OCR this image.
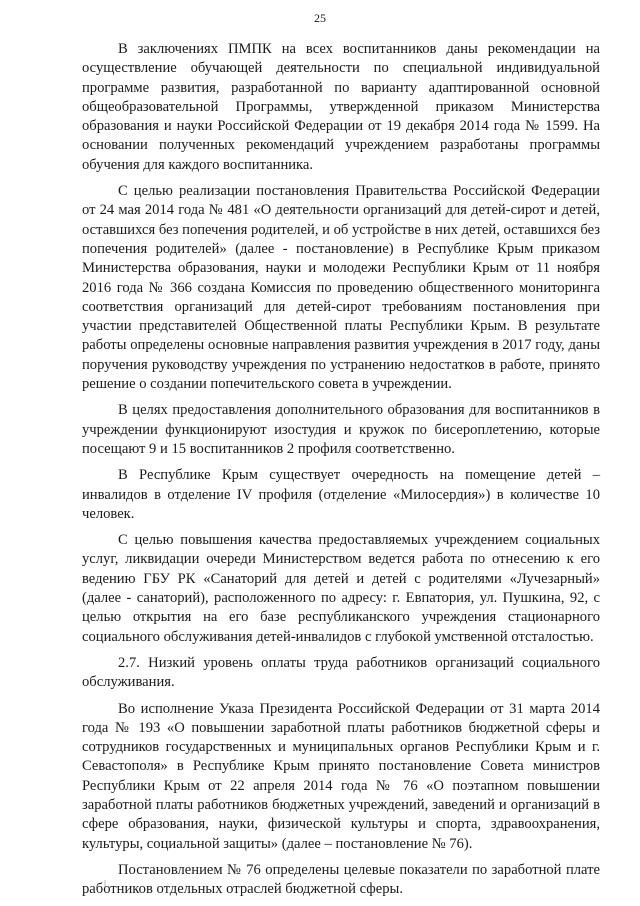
25

В заключениях ПМПК на всех воспитанников даны рекомендации на осуществление обучающей деятельности по специальной индивидуальной программе развития, разработанной по варианту адаптированной основной общеобразовательной Программы, утвержденной приказом Министерства образования и науки Российской Федерации от 19 декабря 2014 года № 1599. На основании полученных рекомендаций учреждением разработаны программы обучения для каждого воспитанника.

С целью реализации постановления Правительства Российской Федерации от 24 мая 2014 года № 481 «О деятельности организаций для детей-сирот и детей, оставшихся без попечения родителей, и об устройстве в них детей, оставшихся без попечения родителей» (далее - постановление) в Республике Крым приказом Министерства образования, науки и молодежи Республики Крым от 11 ноября 2016 года № 366 создана Комиссия по проведению общественного мониторинга соответствия организаций для детей-сирот требованиям постановления при участии представителей Общественной платы Республики Крым. В результате работы определены основные направления развития учреждения в 2017 году, даны поручения руководству учреждения по устранению недостатков в работе, принято решение о создании попечительского совета в учреждении.

В целях предоставления дополнительного образования для воспитанников в учреждении функционируют изостудия и кружок по бисероплетению, которые посещают 9 и 15 воспитанников 2 профиля соответственно.

В Республике Крым существует очередность на помещение детей – инвалидов в отделение IV профиля (отделение «Милосердия») в количестве 10 человек.

С целью повышения качества предоставляемых учреждением социальных услуг, ликвидации очереди Министерством ведется работа по отнесению к его ведению ГБУ РК «Санаторий для детей и детей с родителями «Лучезарный» (далее - санаторий), расположенного по адресу: г. Евпатория, ул. Пушкина, 92, с целью открытия на его базе республиканского учреждения стационарного социального обслуживания детей-инвалидов с глубокой умственной отсталостью.

2.7. Низкий уровень оплаты труда работников организаций социального обслуживания.

Во исполнение Указа Президента Российской Федерации от 31 марта 2014 года № 193 «О повышении заработной платы работников бюджетной сферы и сотрудников государственных и муниципальных органов Республики Крым и г. Севастополя» в Республике Крым принято постановление Совета министров Республики Крым от 22 апреля 2014 года № 76 «О поэтапном повышении заработной платы работников бюджетных учреждений, заведений и организаций в сфере образования, науки, физической культуры и спорта, здравоохранения, культуры, социальной защиты» (далее – постановление № 76).

Постановлением № 76 определены целевые показатели по заработной плате работников отдельных отраслей бюджетной сферы.
